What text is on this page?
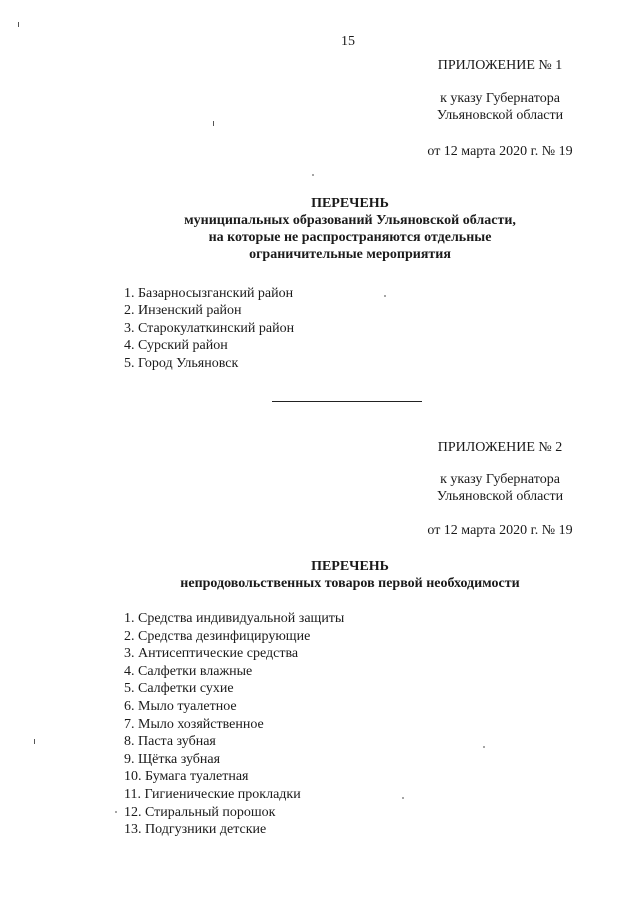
15
ПРИЛОЖЕНИЕ № 1
к указу Губернатора
Ульяновской области
от 12 марта 2020 г. № 19
ПЕРЕЧЕНЬ
муниципальных образований Ульяновской области,
на которые не распространяются отдельные
ограничительные мероприятия
1. Базарносызганский район
2. Инзенский район
3. Старокулаткинский район
4. Сурский район
5. Город Ульяновск
ПРИЛОЖЕНИЕ № 2
к указу Губернатора
Ульяновской области
от 12 марта 2020 г. № 19
ПЕРЕЧЕНЬ
непродовольственных товаров первой необходимости
1. Средства индивидуальной защиты
2. Средства дезинфицирующие
3. Антисептические средства
4. Салфетки влажные
5. Салфетки сухие
6. Мыло туалетное
7. Мыло хозяйственное
8. Паста зубная
9. Щётка зубная
10. Бумага туалетная
11. Гигиенические прокладки
12. Стиральный порошок
13. Подгузники детские
